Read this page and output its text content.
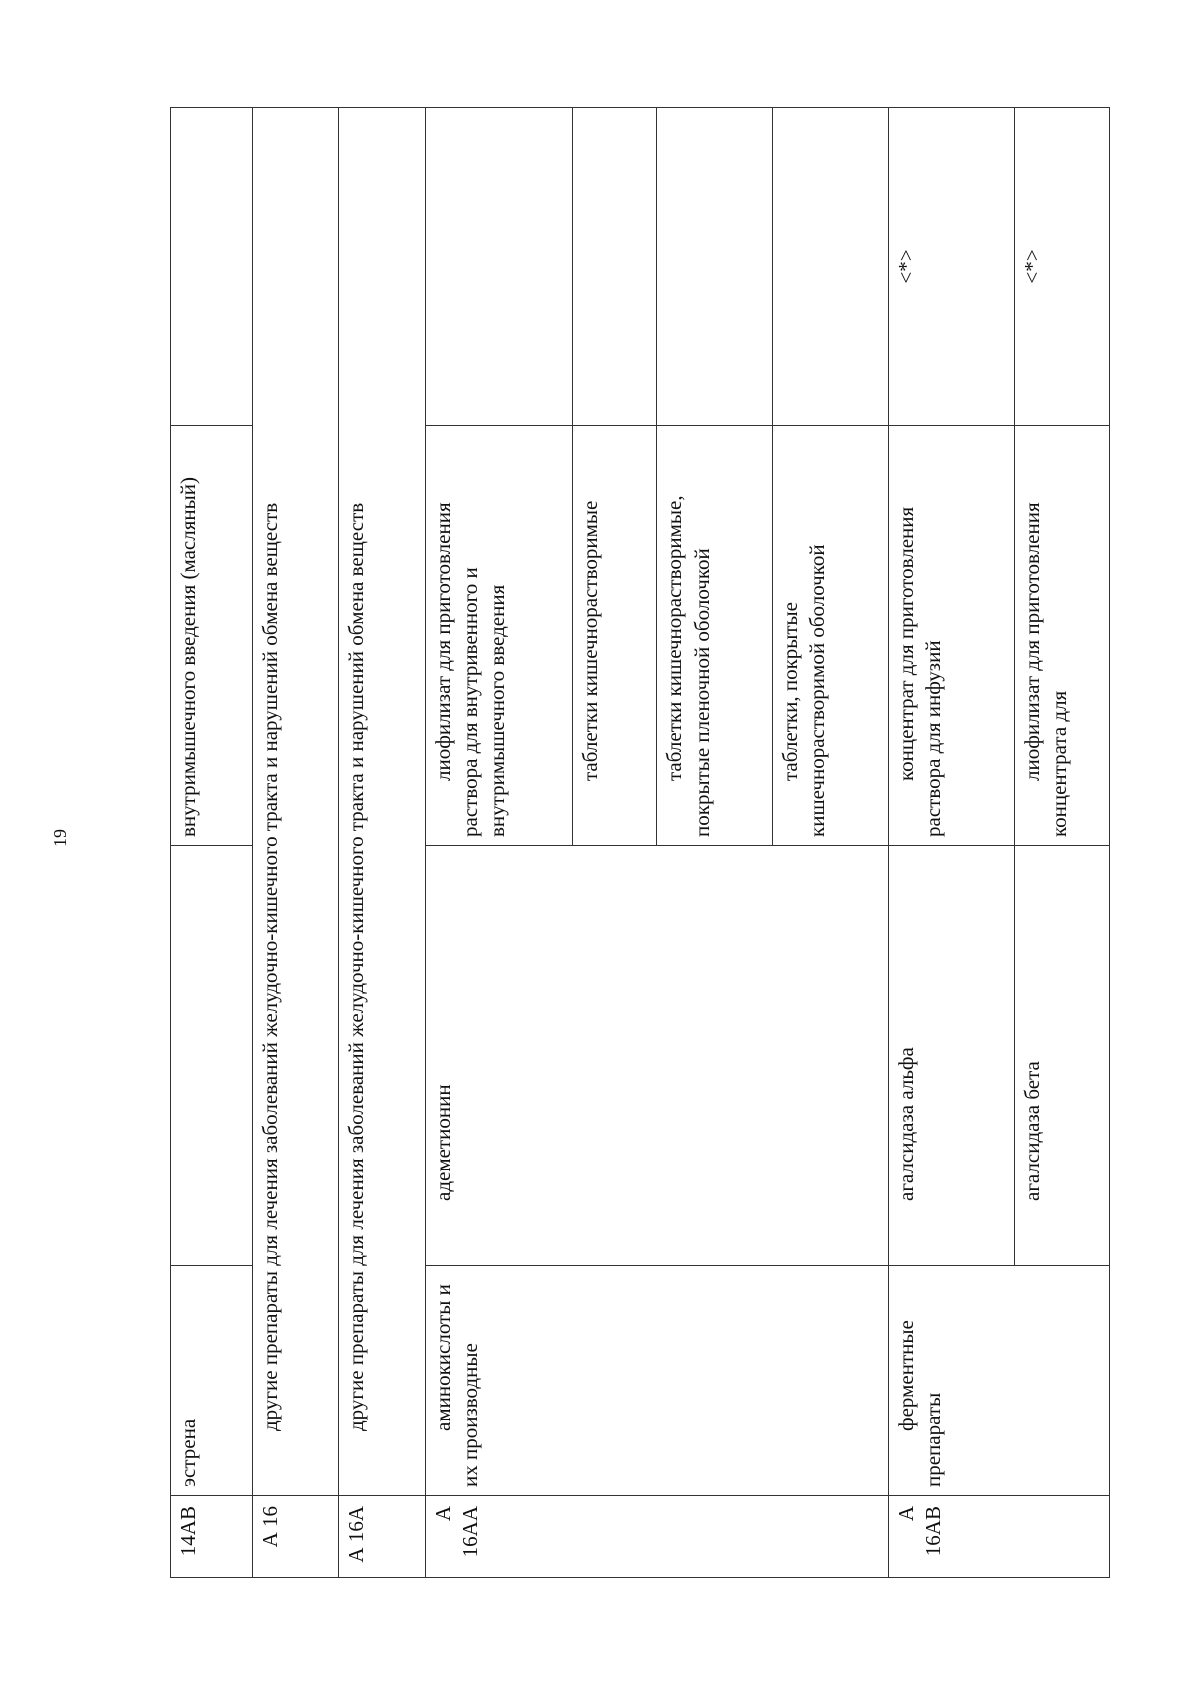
19
14АВ	эстрена		внутримышечного введения (масляный)	
А 16	другие препараты для лечения заболеваний желудочно-кишечного тракта и нарушений обмена веществ			
А 16А	другие препараты для лечения заболеваний желудочно-кишечного тракта и нарушений обмена веществ			
А 16АА	аминокислоты и их производные	адеметионин	лиофилизат для приготовления раствора для внутривенного и внутримышечного введения	
			таблетки кишечнорастворимые	
			таблетки кишечнорастворимые, покрытые пленочной оболочкой	
			таблетки, покрытые кишечнорастворимой оболочкой	
А 16АВ	ферментные препараты	агалсидаза альфа	концентрат для приготовления раствора для инфузий	<*>
		агалсидаза бета	лиофилизат для приготовления концентрата для	<*>
